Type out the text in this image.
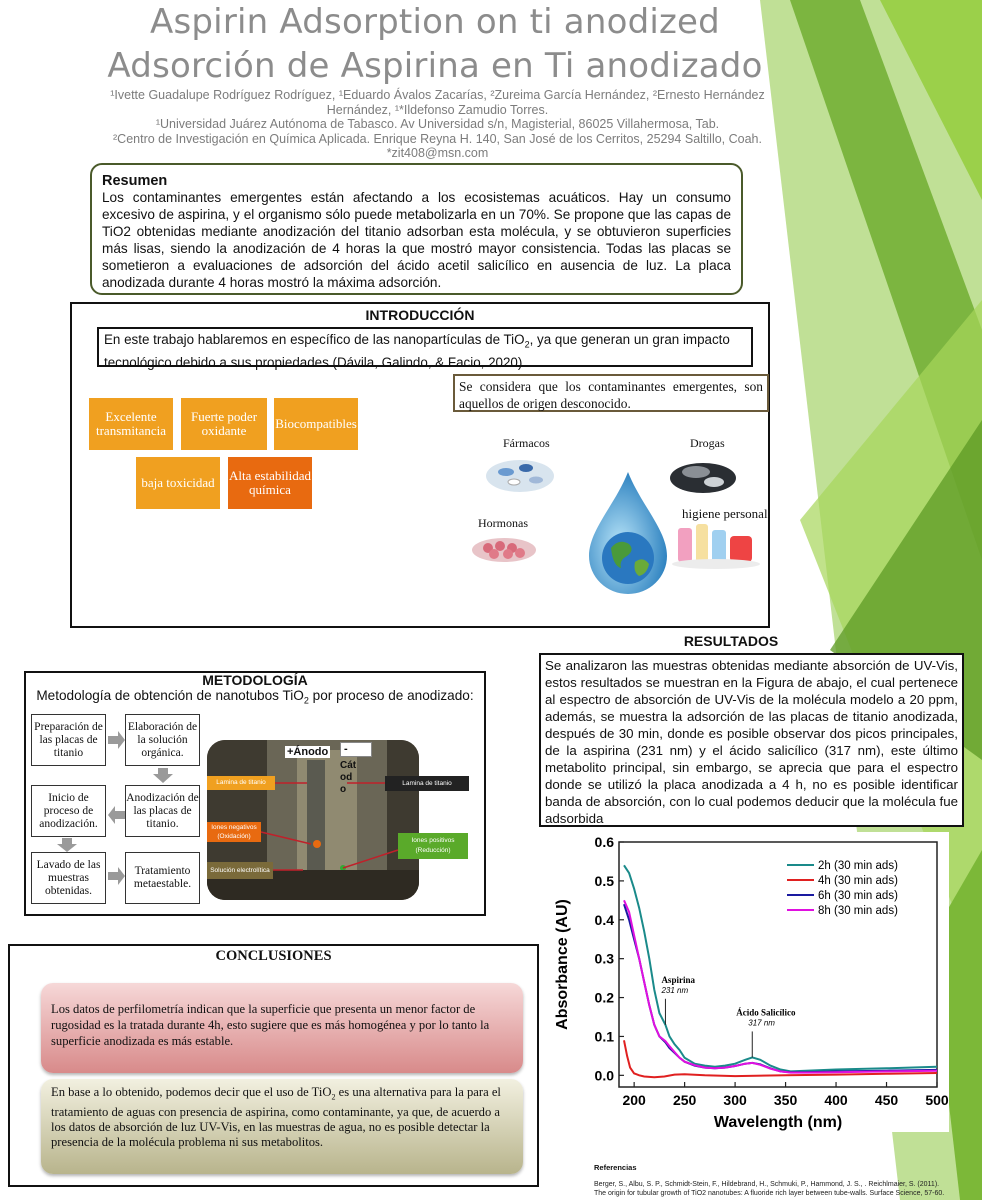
Aspirin Adsorption on ti anodized
Adsorción de Aspirina en Ti anodizado
¹Ivette Guadalupe Rodríguez Rodríguez, ¹Eduardo Ávalos Zacarías, ²Zureima García Hernández, ²Ernesto Hernández Hernández, ¹*Ildefonso Zamudio Torres.
¹Universidad Juárez Autónoma de Tabasco. Av Universidad s/n, Magisterial, 86025 Villahermosa, Tab.
²Centro de Investigación en Química Aplicada. Enrique Reyna H. 140, San José de los Cerritos, 25294 Saltillo, Coah.
*zit408@msn.com
Resumen
Los contaminantes emergentes están afectando a los ecosistemas acuáticos. Hay un consumo excesivo de aspirina, y el organismo sólo puede metabolizarla en un 70%. Se propone que las capas de TiO2 obtenidas mediante anodización del titanio adsorban esta molécula, y se obtuvieron superficies más lisas, siendo la anodización de 4 horas la que mostró mayor consistencia. Todas las placas se sometieron a evaluaciones de adsorción del ácido acetil salicílico en ausencia de luz. La placa anodizada durante 4 horas mostró la máxima adsorción.
INTRODUCCIÓN
En este trabajo hablaremos en específico de las nanopartículas de TiO$_2$, ya que generan un gran impacto tecnológico debido a sus propiedades (Dávila, Galindo, & Facio, 2020).
Excelente transmitancia
Fuerte poder oxidante	Biocompatibles
baja toxicidad	Alta estabilidad química
Se considera que los contaminantes emergentes, son aquellos de origen desconocido.
Fármacos	Drogas
Hormonas
higiene personal
METODOLOGÍA
Metodología de obtención de nanotubos TiO$_2$ por proceso de anodizado:
Preparación de las placas de titanio
Elaboración de la solución orgánica.
Anodización de las placas de titanio.
Inicio de proceso de anodización.
Lavado de las muestras obtenidas.
Tratamiento metaestable.
+Ánodo	-
Cátodo
Lamina de titanio	Lamina de titanio
Iones negativos (Oxidación)
Iones positivos (Reducción)
Solución electrolítica
CONCLUSIONES
Los datos de perfilometría indican que la superficie que presenta un menor factor de rugosidad es la tratada durante 4h, esto sugiere que es más homogénea y por lo tanto la superficie anodizada es más estable.
En base a lo obtenido, podemos decir que el uso de TiO$_2$ es una alternativa para la para el tratamiento de aguas con presencia de aspirina, como contaminante, ya que, de acuerdo a los datos de absorción de luz UV-Vis, en las muestras de agua, no es posible detectar la presencia de la molécula problema ni sus metabolitos.
RESULTADOS
Se analizaron las muestras obtenidas mediante absorción de UV-Vis, estos resultados se muestran en la Figura de abajo, el cual pertenece al espectro de absorción de UV-Vis de la molécula modelo a 20 ppm, además, se muestra la adsorción de las placas de titanio anodizada, después de 30 min, donde es posible observar dos picos principales, de la aspirina (231 nm) y el ácido salicílico (317 nm), este último metabolito principal, sin embargo, se aprecia que para el espectro donde se utilizó la placa anodizada a 4 h, no es posible identificar banda de absorción, con lo cual podemos deducir que la molécula fue adsorbida
200 250 300 350 400 450 500
0.0
0.1
0.2
0.3
0.4
0.5
0.6
Wavelength (nm)
Absorbance (AU)
2h (30 min ads)
4h (30 min ads)
6h (30 min ads)
8h (30 min ads)
Aspirina
231 nm
Ácido Salicílico
317 nm
Referencias
Berger, S., Albu, S. P., Schmidt-Stein, F., Hildebrand, H., Schmuki, P., Hammond, J. S., . Reichlmaier, S. (2011). The origin for tubular growth of TiO2 nanotubes: A fluoride rich layer between tube-walls. Surface Science, 57-60.
